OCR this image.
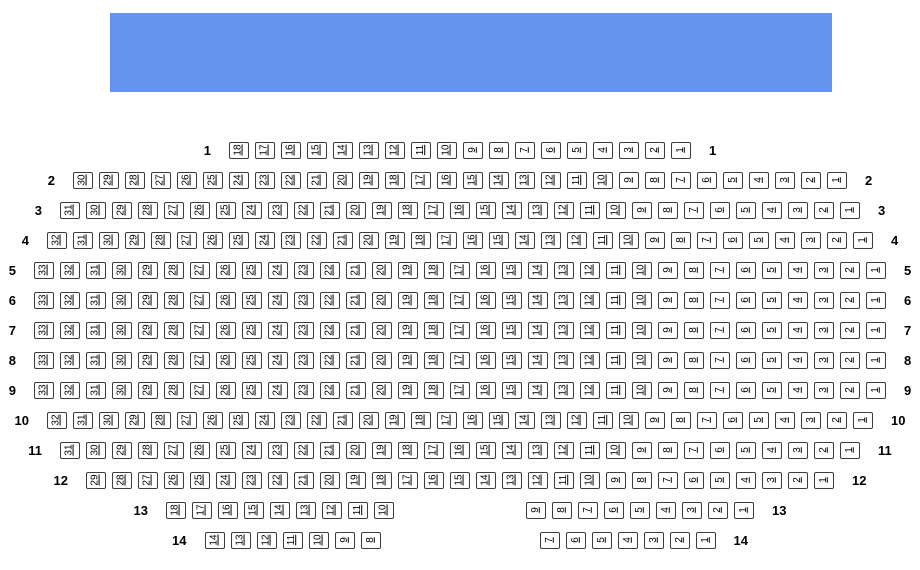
1 18 17 16 15 14 13 12 11 10 9 8 7 6 5 4 3 2 1 1
2 30 29 28 27 26 25 24 23 22 21 20 19 18 17 16 15 14 13 12 11 10 9 8 7 6 5 4 3 2 1 2
3 31 30 29 28 27 26 25 24 23 22 21 20 19 18 17 16 15 14 13 12 11 10 9 8 7 6 5 4 3 2 1 3
4 32 31 30 29 28 27 26 25 24 23 22 21 20 19 18 17 16 15 14 13 12 11 10 9 8 7 6 5 4 3 2 1 4
5 33 32 31 30 29 28 27 26 25 24 23 22 21 20 19 18 17 16 15 14 13 12 11 10 9 8 7 6 5 4 3 2 1 5
6 33 32 31 30 29 28 27 26 25 24 23 22 21 20 19 18 17 16 15 14 13 12 11 10 9 8 7 6 5 4 3 2 1 6
7 33 32 31 30 29 28 27 26 25 24 23 22 21 20 19 18 17 16 15 14 13 12 11 10 9 8 7 6 5 4 3 2 1 7
8 33 32 31 30 29 28 27 26 25 24 23 22 21 20 19 18 17 16 15 14 13 12 11 10 9 8 7 6 5 4 3 2 1 8
9 33 32 31 30 29 28 27 26 25 24 23 22 21 20 19 18 17 16 15 14 13 12 11 10 9 8 7 6 5 4 3 2 1 9
10 32 31 30 29 28 27 26 25 24 23 22 21 20 19 18 17 16 15 14 13 12 11 10 9 8 7 6 5 4 3 2 1 10
11 31 30 29 28 27 26 25 24 23 22 21 20 19 18 17 16 15 14 13 12 11 10 9 8 7 6 5 4 3 2 1 11
12 29 28 27 26 25 24 23 22 21 20 19 18 17 16 15 14 13 12 11 10 9 8 7 6 5 4 3 2 1 12
13 18 17 16 15 14 13 12 11 10	9 8 7 6 5 4 3 2 1 13
14 14 13 12 11 10 9 8	7 6 5 4 3 2 1 14
